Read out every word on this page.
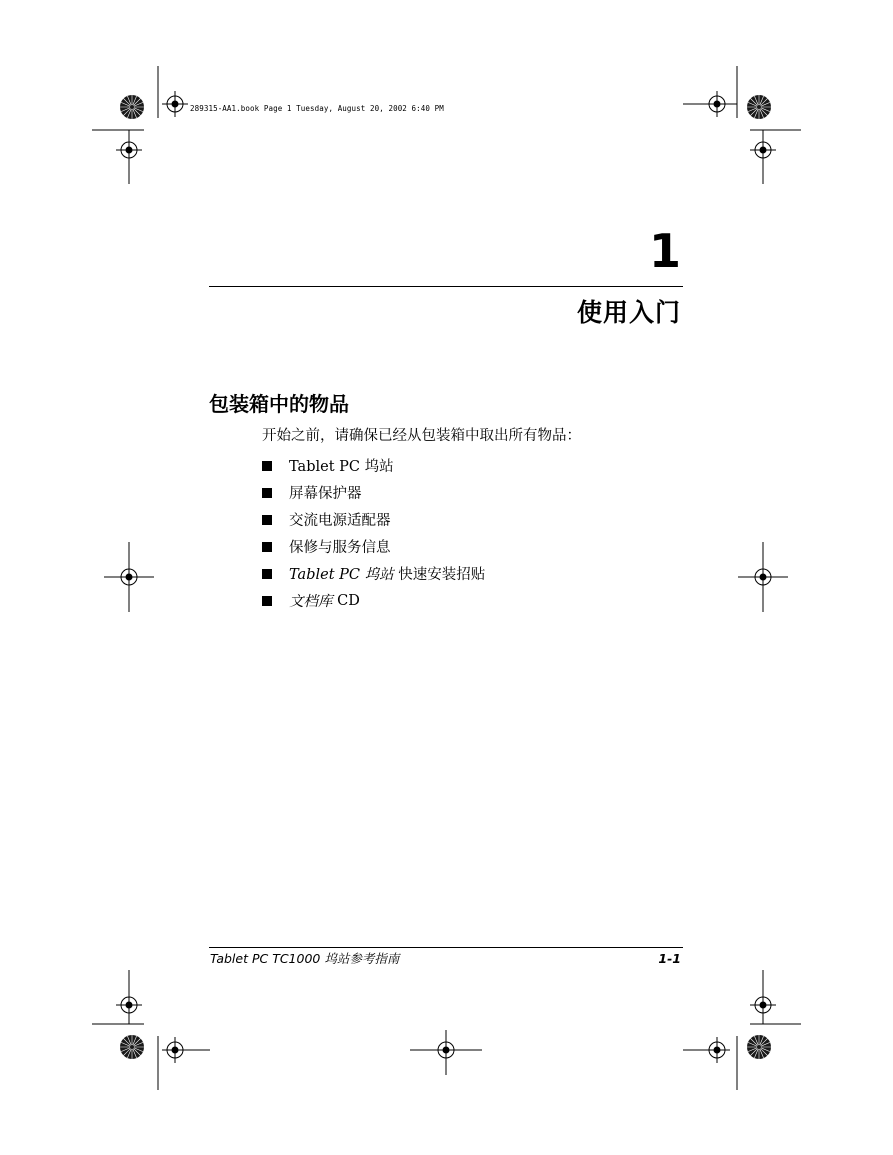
289315-AA1.book Page 1 Tuesday, August 20, 2002 6:40 PM
1
使用入门
包装箱中的物品
开始之前，请确保已经从包装箱中取出所有物品：
Tablet PC 坞站
屏幕保护器
交流电源适配器
保修与服务信息
Tablet PC 坞站 快速安装招贴
文档库 CD
Tablet PC TC1000 坞站参考指南	1-1
